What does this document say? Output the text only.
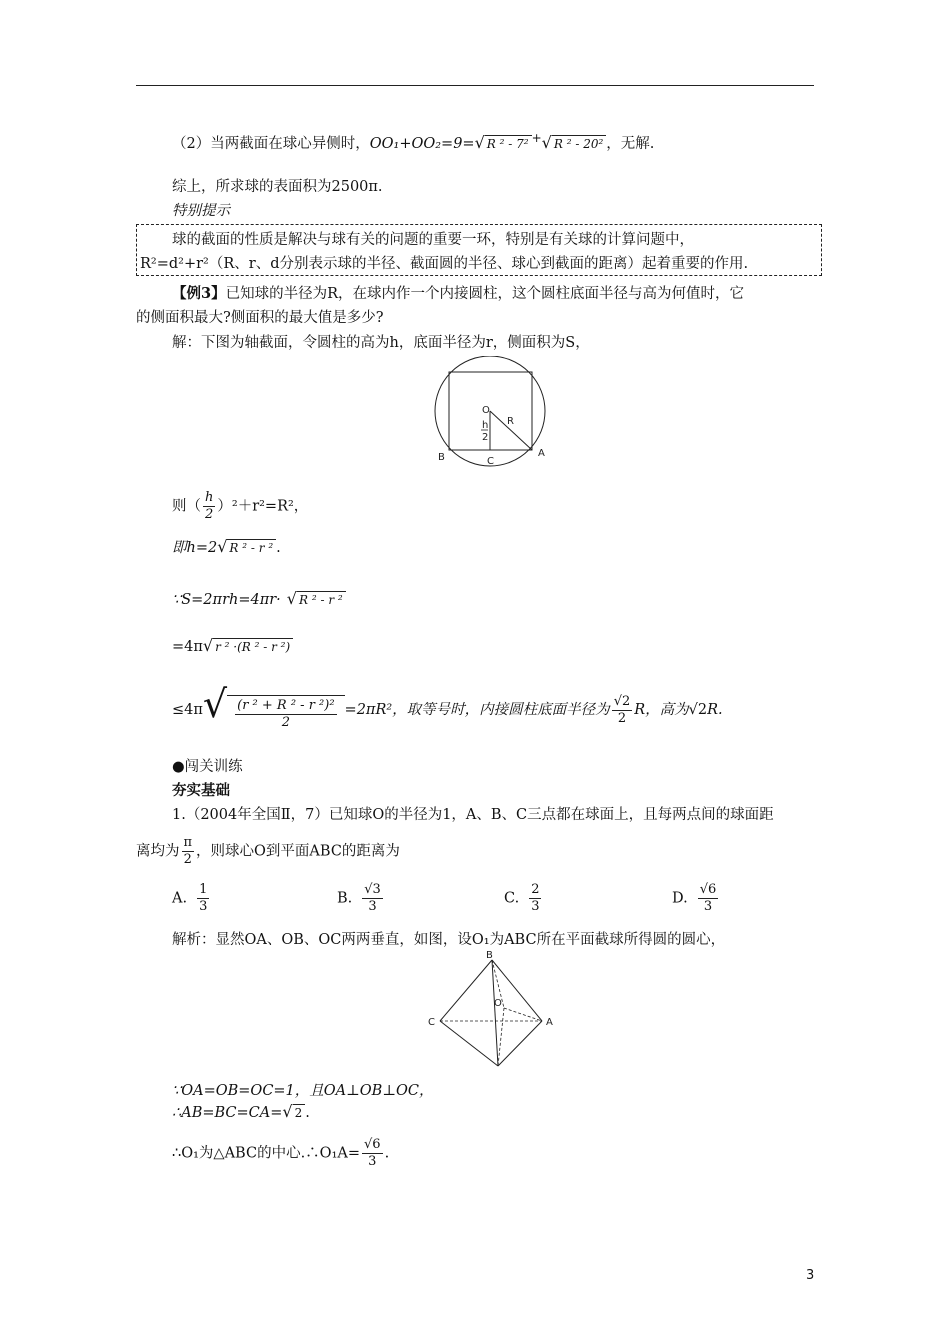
（2）当两截面在球心异侧时，OO₁+OO₂=9=√ R ² - 7² +√ R ² - 20² ，无解.
综上，所求球的表面积为2500π.
特别提示
球的截面的性质是解决与球有关的问题的重要一环，特别是有关球的计算问题中，
R²=d²+r²（R、r、d分别表示球的半径、截面圆的半径、球心到截面的距离）起着重要的作用.
【例3】已知球的半径为R，在球内作一个内接圆柱，这个圆柱底面半径与高为何值时，它
的侧面积最大?侧面积的最大值是多少?
解：下图为轴截面，令圆柱的高为h，底面半径为r，侧面积为S，
O
R
h
2
B	C
A
则（ $\frac{h}{2} )^2+r^2=R^2$，
即h=2√ R ² - r ² .
∵S=2πrh=4πr· √ R ² - r ²
=4π√ r ² ·(R ² - r ²)
$\le 4\pi√ \frac{\text{(r ² + R ² - r ²)²}}{2} =2\pi R^2$，取等号时，内接圆柱底面半径为 $\frac{√2}{2}$ R，高为√2R.
●闯关训练
夯实基础
1.（2004年全国Ⅱ，7）已知球O的半径为1，A、B、C三点都在球面上，且每两点间的球面距
离均为 $\frac{\pi}{2}$ ，则球心O到平面ABC的距离为
A. $\frac{1}{3}$	B. $\frac{√3}{3}$	C. $\frac{2}{3}$	D. $\frac{√6}{3}$
解析：显然OA、OB、OC两两垂直，如图，设O₁为ABC所在平面截球所得圆的圆心，
B
O
C	A
∵OA=OB=OC=1，且OA⊥OB⊥OC，
∴AB=BC=CA=√ 2 .
∴O₁为△ABC的中心.∴O₁A= $\frac{√6}{3}$ .
3
